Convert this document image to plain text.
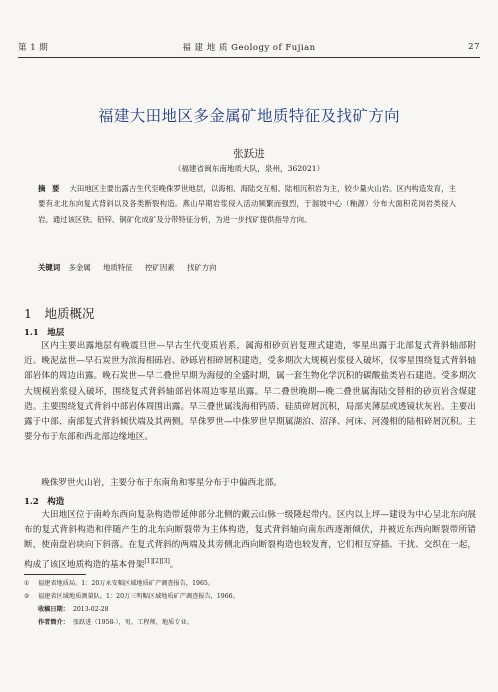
第 1 期	福 建 地 质 Geology of Fujian	27
福建大田地区多金属矿地质特征及找矿方向
张跃进
（福建省闽东南地质大队，泉州，362021）
摘 要 大田地区主要出露古生代至晚侏罗世地层，以海相、海陆交互相、陆相沉积岩为主，较少量火山岩。区内构造发育，主要有北北东向复式背斜以及各类断裂构造。燕山早期岩浆侵入活动频繁而强烈，于溜坡中心（釉源）分布大面积花岗岩类侵入岩。通过该区铁、铅锌、铜矿化成矿及分带特征分析，为进一步找矿提供指导方向。
关键词 多金属 地质特征 控矿因素 找矿方向
1　地质概况
1.1　地层
区内主要出露地层有晚震旦世—早古生代变质岩系，属海相砂页岩复理式建造，零星出露于北部复式背斜轴部附近。晚泥盆世—早石炭世为滨海相砾岩、砂砾岩相碎屑积建造，受多期次大规模岩浆侵入破坏，仅零星围绕复式背斜轴部岩体的周边出露。晚石炭世—早二叠世早期为海侵的全盛时期，属一套生物化学沉积的碳酸盐类岩石建造。受多期次大规模岩浆侵入破坏，围绕复式背斜轴部岩体周边零星出露。早二叠世晚期—晚二叠世属海陆交替相的砂页岩含煤建造。主要围绕复式背斜中部岩体周围出露。早三叠世属浅海相钙质、硅质碎屑沉积，局部夹薄层或透镜状灰岩。主要出露于中部、南部复式背斜倾伏端及其两侧。早侏罗世—中侏罗世早期属湖泊、沼泽、河床、河漫相的陆相碎屑沉积。主要分布于东部和西北部边缘地区。
晚侏罗世火山岩，主要分布于东南角和零星分布于中偏西北部。
1.2　构造
大田地区位于南岭东西向复杂构造带延伸部分北侧的戴云山脉一级隆起带内。区内以上坪—建设为中心呈北东向展布的复式背斜构造和伴随产生的北东向断裂带为主体构造，复式背斜轴向南东西逐渐倾伏，并被近东西向断裂带所错断，使南盘岩块向下斜落。在复式背斜的两端及其旁侧北西向断裂构造也较发育，它们相互穿插、干扰、交织在一起，构成了该区地质构造的基本骨架[1][2][3]。
① 福建省地质局。1：20万永安幅区域地质矿产调查报告，1965。
② 福建省区域地质测量队。1：20万三明幅区域地质矿产调查报告，1966。
收稿日期： 2013-02-28
作者简介： 张跃进（1958-），男，工程师，地质专业。
